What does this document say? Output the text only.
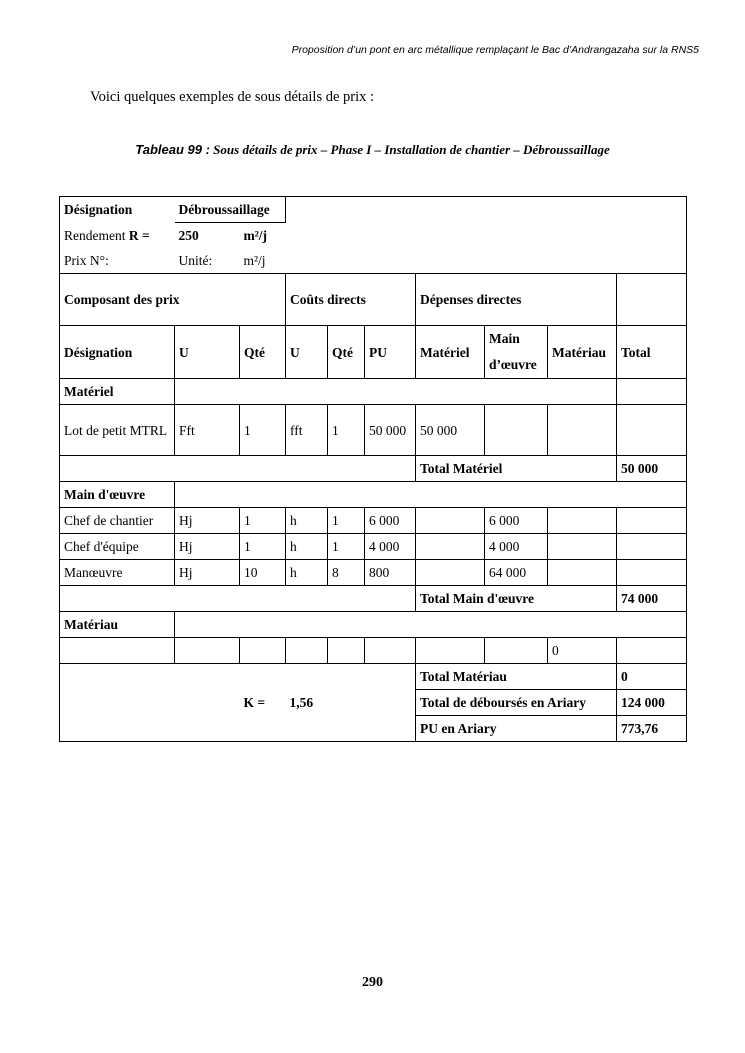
Proposition d’un pont en arc métallique remplaçant le Bac d’Andrangazaha sur la RNS5
Voici quelques exemples de sous détails de prix :
Tableau 99 : Sous détails de prix – Phase I – Installation de chantier – Débroussaillage
Désignation	Débroussaillage								
Rendement R =	250	m²/j							
Prix N°:	Unité:	m²/j							
Composant des prix			Coûts directs			Dépenses directes			
Désignation	U	Qté	U	Qté	PU	Matériel	Main d’œuvre	Matériau	Total
Matériel									
Lot de petit MTRL	Fft	1	fft	1	50 000	50 000			
						Total Matériel			50 000
Main d'œuvre									
Chef de chantier	Hj	1	h	1	6 000		6 000		
Chef d'équipe	Hj	1	h	1	4 000		4 000		
Manœuvre	Hj	10	h	8	800		64 000		
						Total Main d'œuvre			74 000
Matériau									
								0	
						Total Matériau			0
		K =	1,56			Total de déboursés en Ariary			124 000
						PU en Ariary			773,76
290
